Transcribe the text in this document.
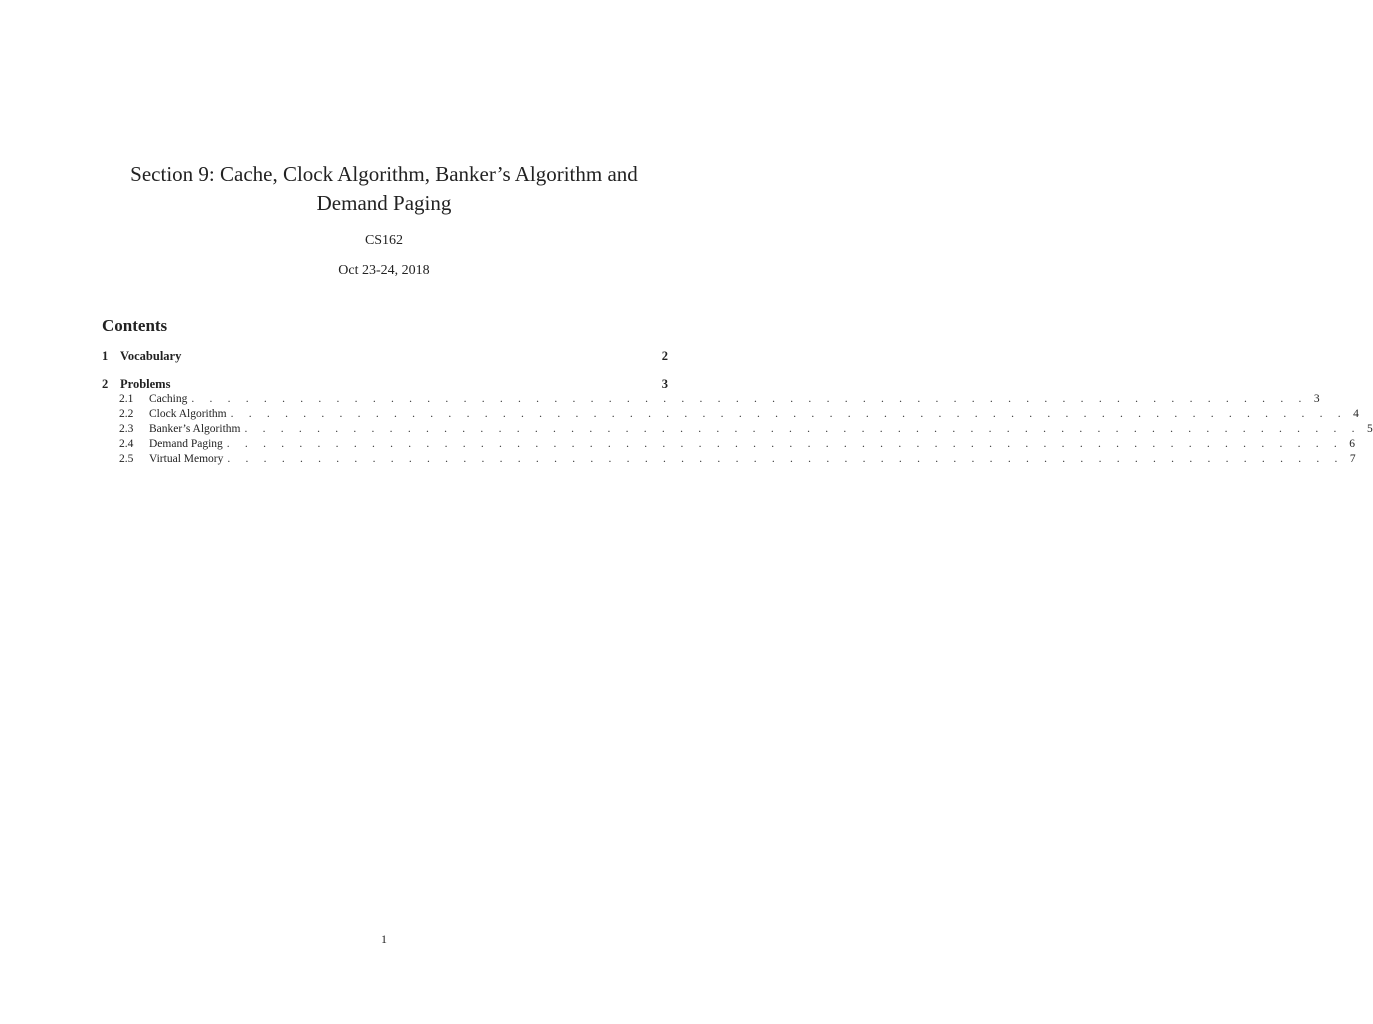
Section 9: Cache, Clock Algorithm, Banker’s Algorithm and Demand Paging
CS162
Oct 23-24, 2018
Contents
1 Vocabulary	2
2 Problems	3
2.1	Caching . . . . . . . . . . . . . . . . . . . . . . . . . . . . . . . . . . . . . . . . . . . . . . . . . . . . . . . . . . . . . . 3
2.2	Clock Algorithm . . . . . . . . . . . . . . . . . . . . . . . . . . . . . . . . . . . . . . . . . . . . . . . . . . . . . . . . . . . . . . 4
2.3	Banker’s Algorithm . . . . . . . . . . . . . . . . . . . . . . . . . . . . . . . . . . . . . . . . . . . . . . . . . . . . . . . . . . . . . . 5
2.4	Demand Paging . . . . . . . . . . . . . . . . . . . . . . . . . . . . . . . . . . . . . . . . . . . . . . . . . . . . . . . . . . . . . . 6
2.5	Virtual Memory . . . . . . . . . . . . . . . . . . . . . . . . . . . . . . . . . . . . . . . . . . . . . . . . . . . . . . . . . . . . . . 7
1
